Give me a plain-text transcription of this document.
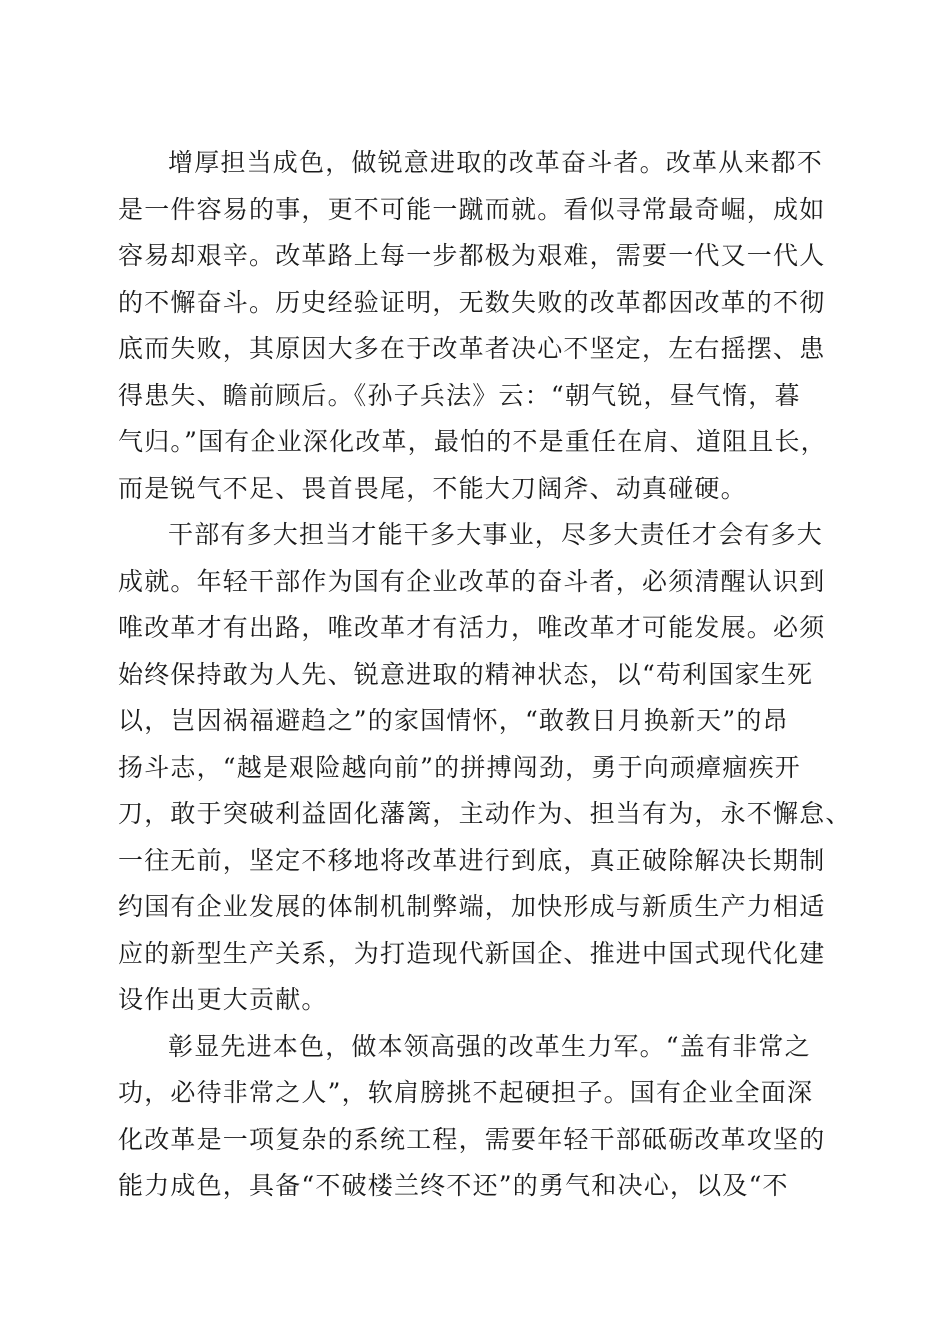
增厚担当成色，做锐意进取的改革奋斗者。改革从来都不
是一件容易的事，更不可能一蹴而就。看似寻常最奇崛，成如
容易却艰辛。改革路上每一步都极为艰难，需要一代又一代人
的不懈奋斗。历史经验证明，无数失败的改革都因改革的不彻
底而失败，其原因大多在于改革者决心不坚定，左右摇摆、患
得患失、瞻前顾后。《孙子兵法》云：“朝气锐，昼气惰，暮
气归。”国有企业深化改革，最怕的不是重任在肩、道阻且长，
而是锐气不足、畏首畏尾，不能大刀阔斧、动真碰硬。
干部有多大担当才能干多大事业，尽多大责任才会有多大
成就。年轻干部作为国有企业改革的奋斗者，必须清醒认识到
唯改革才有出路，唯改革才有活力，唯改革才可能发展。必须
始终保持敢为人先、锐意进取的精神状态，以“苟利国家生死
以，岂因祸福避趋之”的家国情怀，“敢教日月换新天”的昂
扬斗志，“越是艰险越向前”的拼搏闯劲，勇于向顽瘴痼疾开
刀，敢于突破利益固化藩篱，主动作为、担当有为，永不懈怠、
一往无前，坚定不移地将改革进行到底，真正破除解决长期制
约国有企业发展的体制机制弊端，加快形成与新质生产力相适
应的新型生产关系，为打造现代新国企、推进中国式现代化建
设作出更大贡献。
彰显先进本色，做本领高强的改革生力军。“盖有非常之
功，必待非常之人”，软肩膀挑不起硬担子。国有企业全面深
化改革是一项复杂的系统工程，需要年轻干部砥砺改革攻坚的
能力成色，具备“不破楼兰终不还”的勇气和决心，以及“不
